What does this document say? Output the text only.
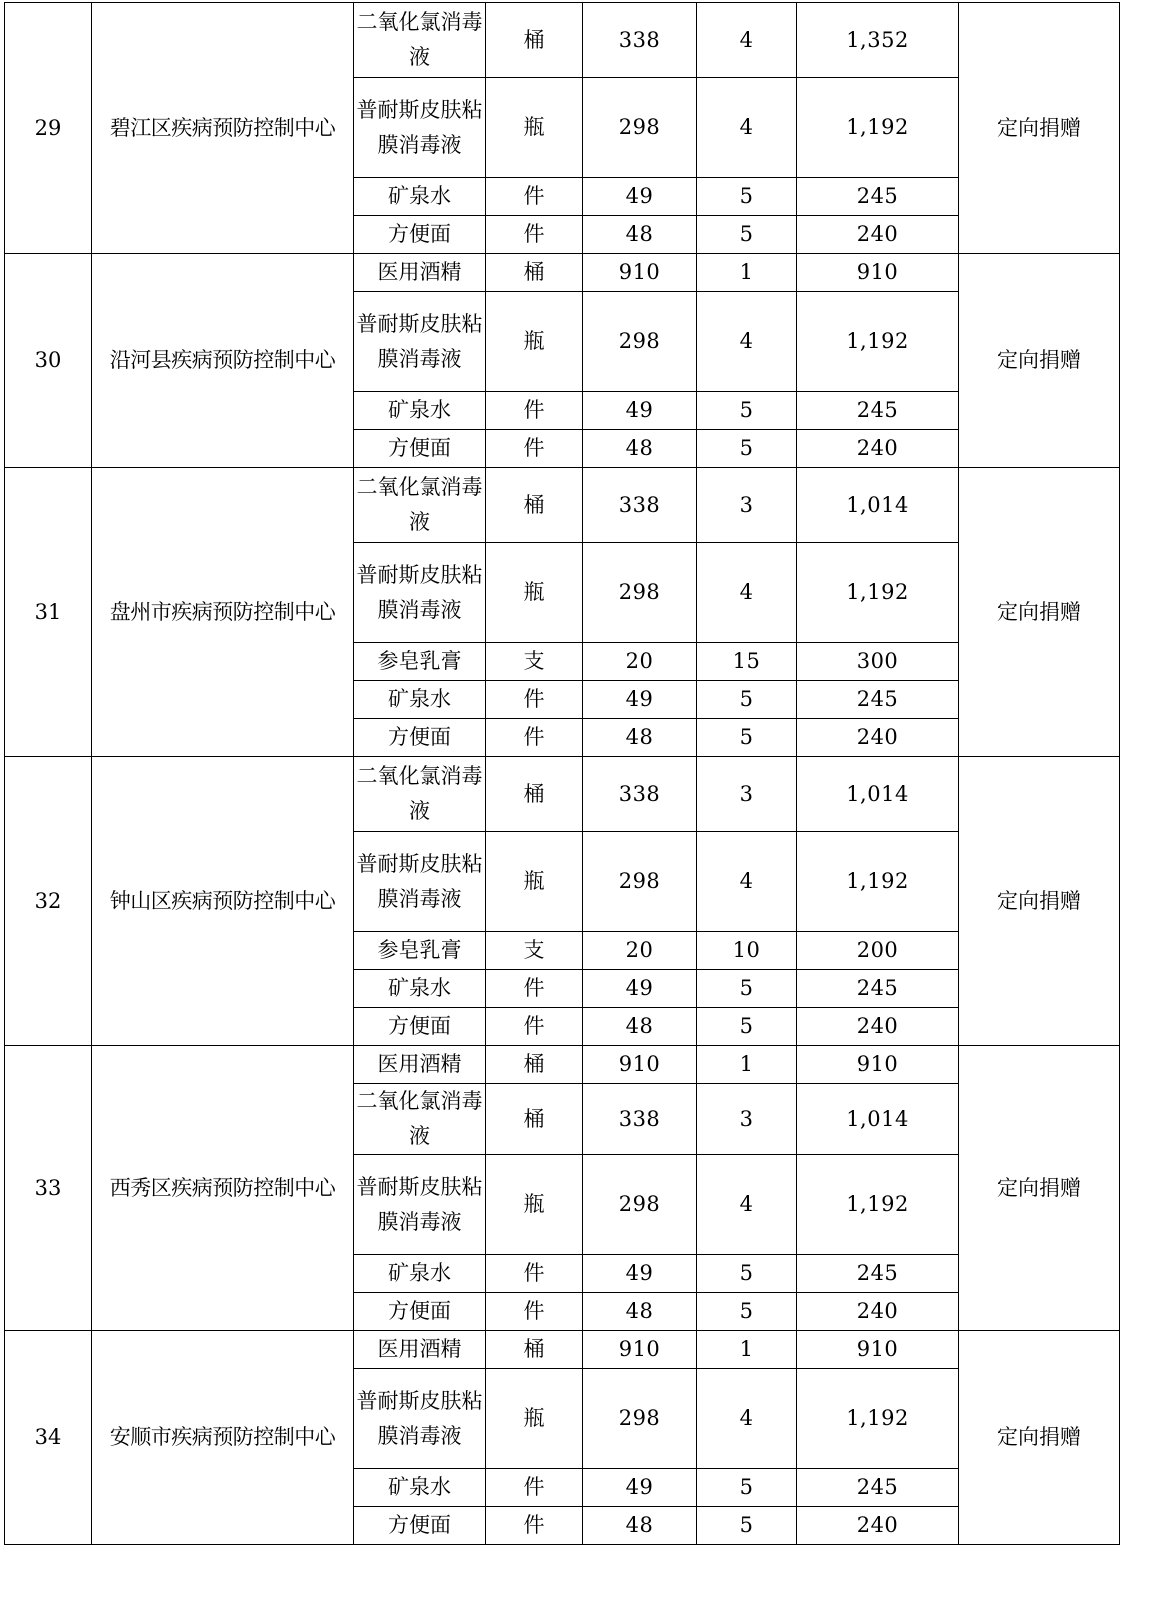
29	碧江区疾病预防控制中心	二氧化氯消毒液	桶	338	4	1,352	定向捐赠
		普耐斯皮肤粘膜消毒液	瓶	298	4	1,192	
		矿泉水	件	49	5	245	
		方便面	件	48	5	240	
30	沿河县疾病预防控制中心	医用酒精	桶	910	1	910	定向捐赠
		普耐斯皮肤粘膜消毒液	瓶	298	4	1,192	
		矿泉水	件	49	5	245	
		方便面	件	48	5	240	
31	盘州市疾病预防控制中心	二氧化氯消毒液	桶	338	3	1,014	定向捐赠
		普耐斯皮肤粘膜消毒液	瓶	298	4	1,192	
		参皂乳膏	支	20	15	300	
		矿泉水	件	49	5	245	
		方便面	件	48	5	240	
32	钟山区疾病预防控制中心	二氧化氯消毒液	桶	338	3	1,014	定向捐赠
		普耐斯皮肤粘膜消毒液	瓶	298	4	1,192	
		参皂乳膏	支	20	10	200	
		矿泉水	件	49	5	245	
		方便面	件	48	5	240	
33	西秀区疾病预防控制中心	医用酒精	桶	910	1	910	定向捐赠
		二氧化氯消毒液	桶	338	3	1,014	
		普耐斯皮肤粘膜消毒液	瓶	298	4	1,192	
		矿泉水	件	49	5	245	
		方便面	件	48	5	240	
34	安顺市疾病预防控制中心	医用酒精	桶	910	1	910	定向捐赠
		普耐斯皮肤粘膜消毒液	瓶	298	4	1,192	
		矿泉水	件	49	5	245	
		方便面	件	48	5	240	
